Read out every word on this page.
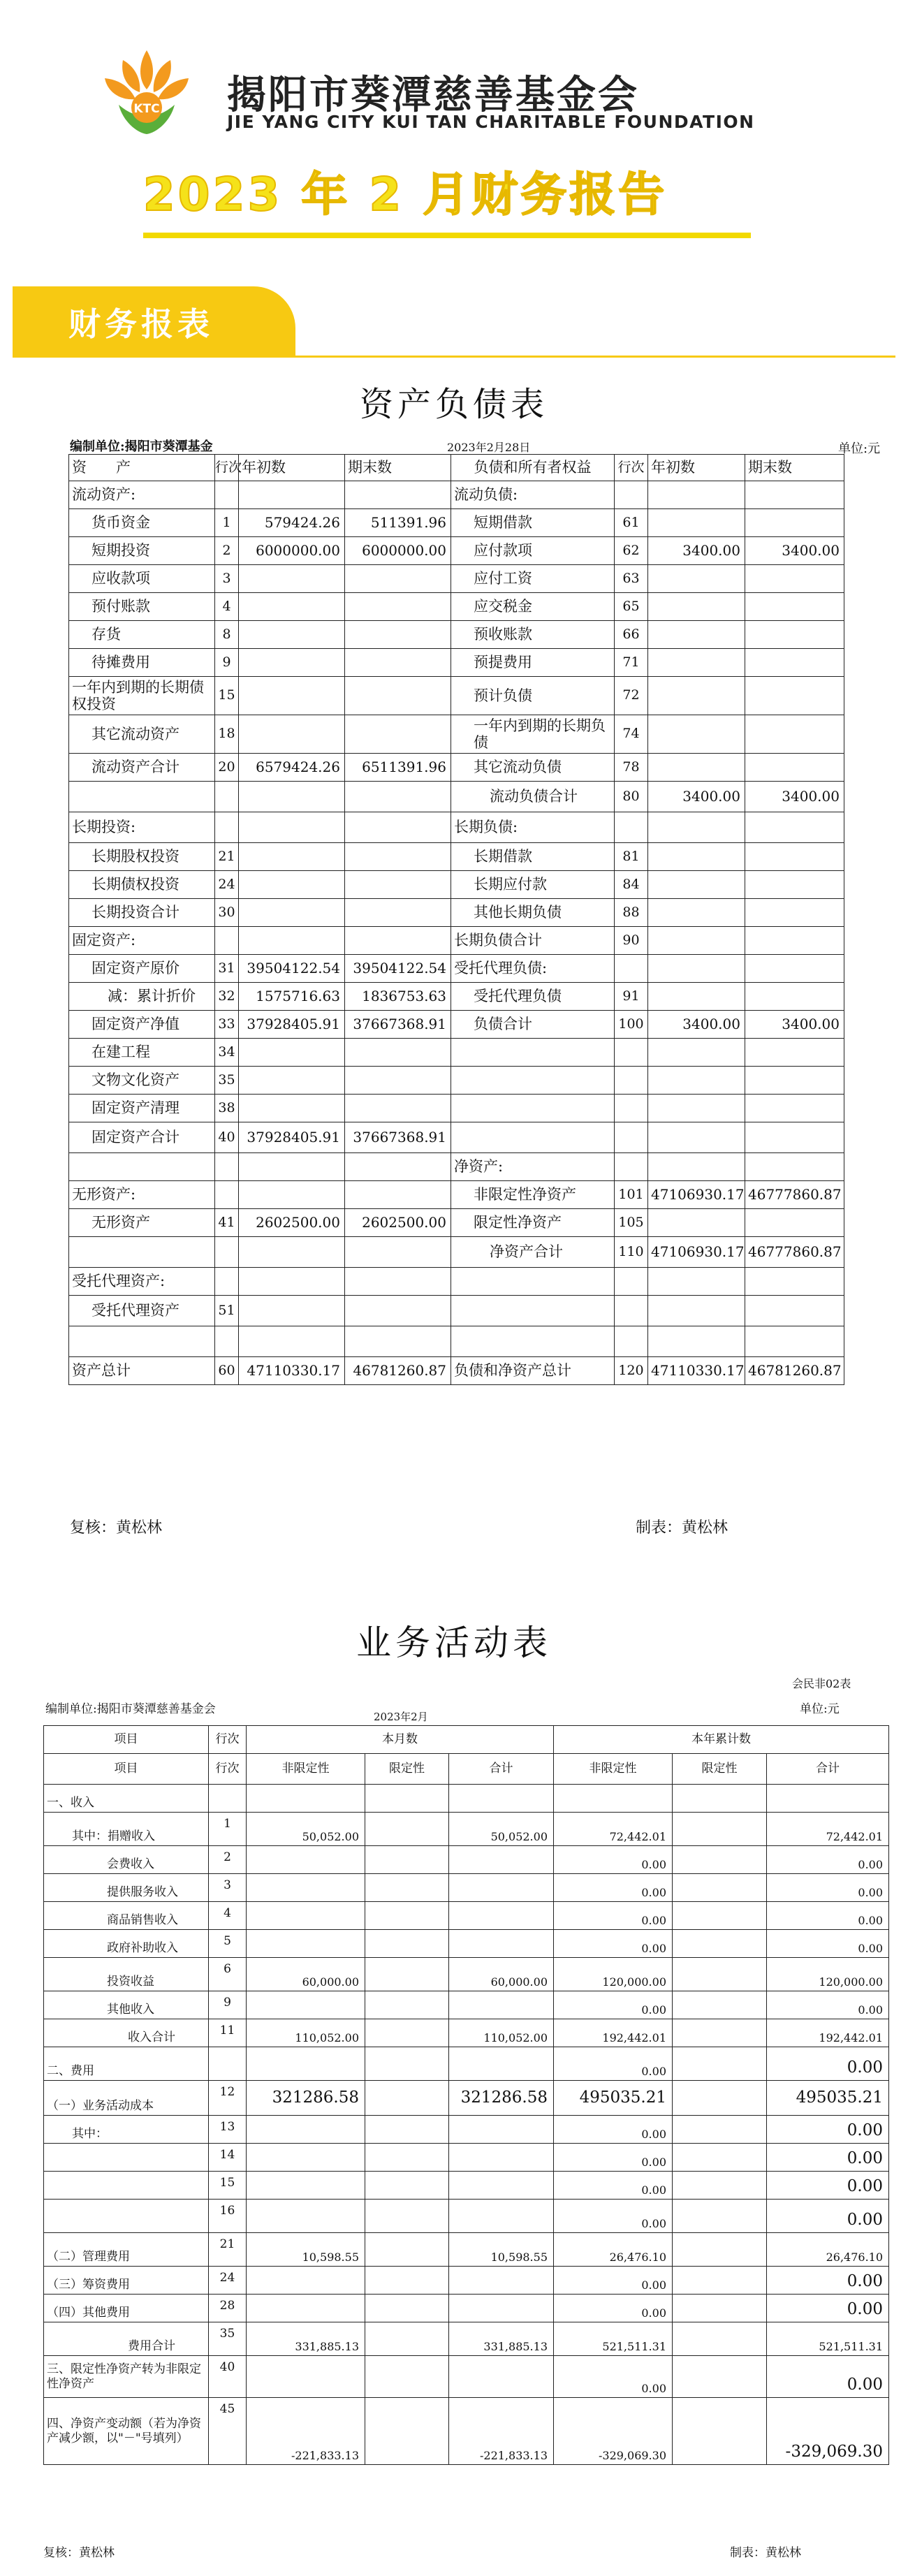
KTC 揭阳市葵潭慈善基金会
JIE YANG CITY KUI TAN CHARITABLE FOUNDATION
2023 年 2 月财务报告
财务报表
资产负债表
编制单位:揭阳市葵潭基金	2023年2月28日	单位:元
资　　产	行次	年初数	期末数	负债和所有者权益	行次	年初数	期末数
流动资产:				流动负债:			
货币资金	1	579424.26	511391.96	短期借款	61		
短期投资	2	6000000.00	6000000.00	应付款项	62	3400.00	3400.00
应收款项	3			应付工资	63		
预付账款	4			应交税金	65		
存货	8			预收账款	66		
待摊费用	9			预提费用	71		
一年内到期的长期债权投资	15			预计负债	72		
其它流动资产	18			一年内到期的长期负债	74		
流动资产合计	20	6579424.26	6511391.96	其它流动负债	78		
				流动负债合计	80	3400.00	3400.00
长期投资:				长期负债:			
长期股权投资	21			长期借款	81		
长期债权投资	24			长期应付款	84		
长期投资合计	30			其他长期负债	88		
固定资产:				长期负债合计	90		
固定资产原价	31	39504122.54	39504122.54	受托代理负债:			
减：累计折价	32	1575716.63	1836753.63	受托代理负债	91		
固定资产净值	33	37928405.91	37667368.91	负债合计	100	3400.00	3400.00
在建工程	34						
文物文化资产	35						
固定资产清理	38						
固定资产合计	40	37928405.91	37667368.91				
				净资产:			
无形资产:				非限定性净资产	101	47106930.17	46777860.87
无形资产	41	2602500.00	2602500.00	限定性净资产	105		
				净资产合计	110	47106930.17	46777860.87
受托代理资产:							
受托代理资产	51						

资产总计	60	47110330.17	46781260.87	负债和净资产总计	120	47110330.17	46781260.87
复核：黄松林	制表：黄松林
业务活动表
会民非02表
编制单位:揭阳市葵潭慈善基金会	单位:元
2023年2月
项目	行次	本月数			本年累计数		
项目	行次	非限定性	限定性	合计	非限定性	限定性	合计
一、收入							
其中：捐赠收入	1	50,052.00		50,052.00	72,442.01		72,442.01
会费收入	2				0.00		0.00
提供服务收入	3				0.00		0.00
商品销售收入	4				0.00		0.00
政府补助收入	5				0.00		0.00
投资收益	6	60,000.00		60,000.00	120,000.00		120,000.00
其他收入	9				0.00		0.00
收入合计	11	110,052.00		110,052.00	192,442.01		192,442.01
二、费用					0.00		0.00
（一）业务活动成本	12	321286.58		321286.58	495035.21		495035.21
其中：	13				0.00		0.00
	14				0.00		0.00
	15				0.00		0.00
	16				0.00		0.00
（二）管理费用	21	10,598.55		10,598.55	26,476.10		26,476.10
（三）筹资费用	24				0.00		0.00
（四）其他费用	28				0.00		0.00
费用合计	35	331,885.13		331,885.13	521,511.31		521,511.31
三、限定性净资产转为非限定性净资产	40				0.00		0.00
四、净资产变动额（若为净资产减少额，以"－"号填列）	45	-221,833.13		-221,833.13	-329,069.30		-329,069.30
复核：黄松林	制表：黄松林
